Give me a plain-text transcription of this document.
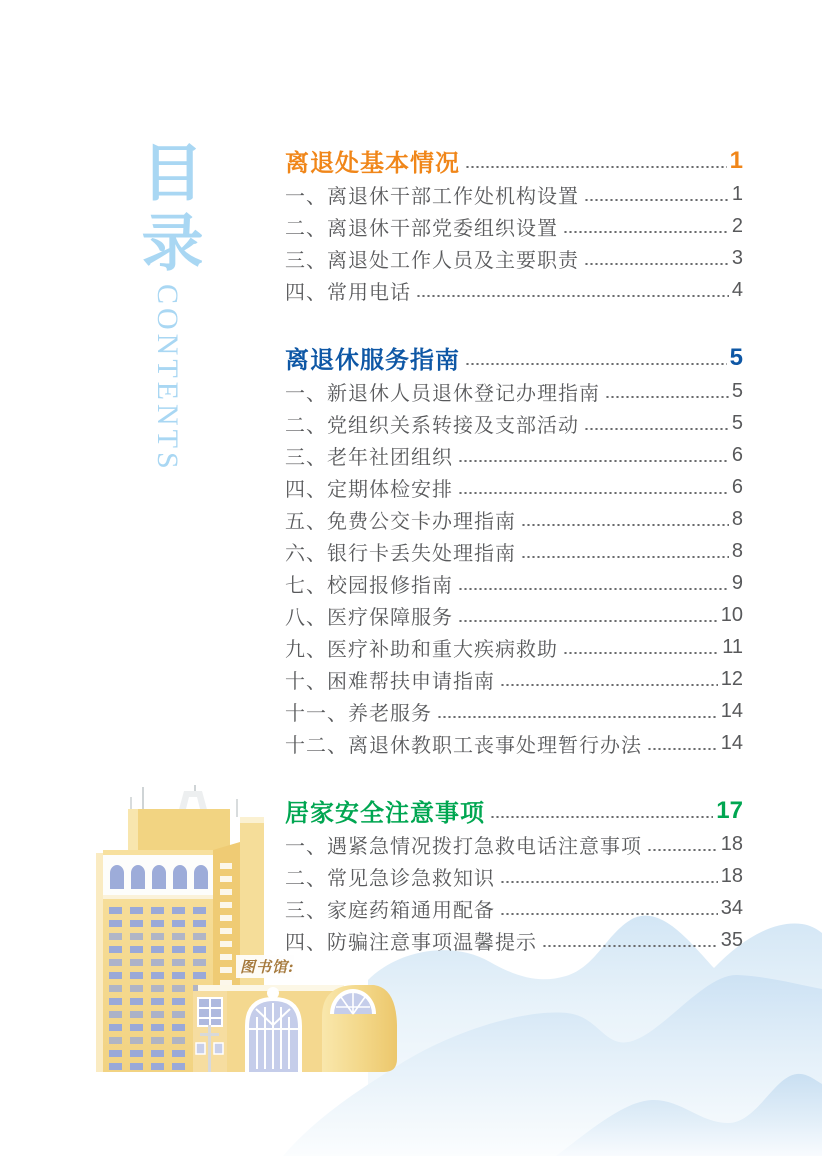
图书馆:
目录
CONTENTS
离退处基本情况	1
一、离退休干部工作处机构设置	1
二、离退休干部党委组织设置	2
三、离退处工作人员及主要职责	3
四、常用电话	4
离退休服务指南	5
一、新退休人员退休登记办理指南	5
二、党组织关系转接及支部活动	5
三、老年社团组织	6
四、定期体检安排	6
五、免费公交卡办理指南	8
六、银行卡丢失处理指南	8
七、校园报修指南	9
八、医疗保障服务	10
九、医疗补助和重大疾病救助	11
十、困难帮扶申请指南	12
十一、养老服务	14
十二、离退休教职工丧事处理暂行办法	14
居家安全注意事项	17
一、遇紧急情况拨打急救电话注意事项	18
二、常见急诊急救知识	18
三、家庭药箱通用配备	34
四、防骗注意事项温馨提示	35
